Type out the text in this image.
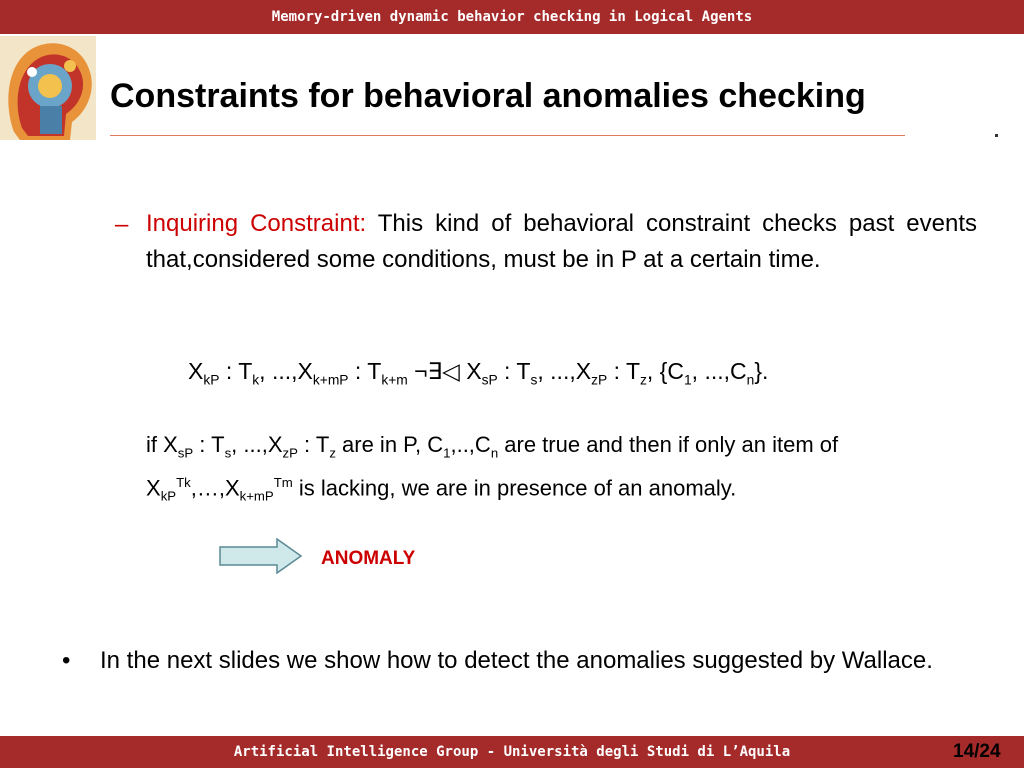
Memory-driven dynamic behavior checking in Logical Agents
Constraints for behavioral anomalies checking
– Inquiring Constraint: This kind of behavioral constraint checks past events that,considered some conditions, must be in P at a certain time.

$X_{kP}$ : $T_k$, $...,X_{k+mP}$ : $T_{k+m}$ ¬∃◁ $X_{sP}$ : $T_s$, $...,X_{zP}$ : $T_z$, {$C_1$, $...,C_n$}.

if $X_{sP}$ : $T_s$, $...,X_{zP}$ : $T_z$ are in P, $C_1,..,C_n$ are true and then if only an item of $X_{kP}^{Tk},\dots,X_{k+mP}^{Tm}$ is lacking, we are in presence of an anomaly.

ANOMALY
• In the next slides we show how to detect the anomalies suggested by Wallace.

Artificial Intelligence Group - Università degli Studi di L’Aquila	14/24
